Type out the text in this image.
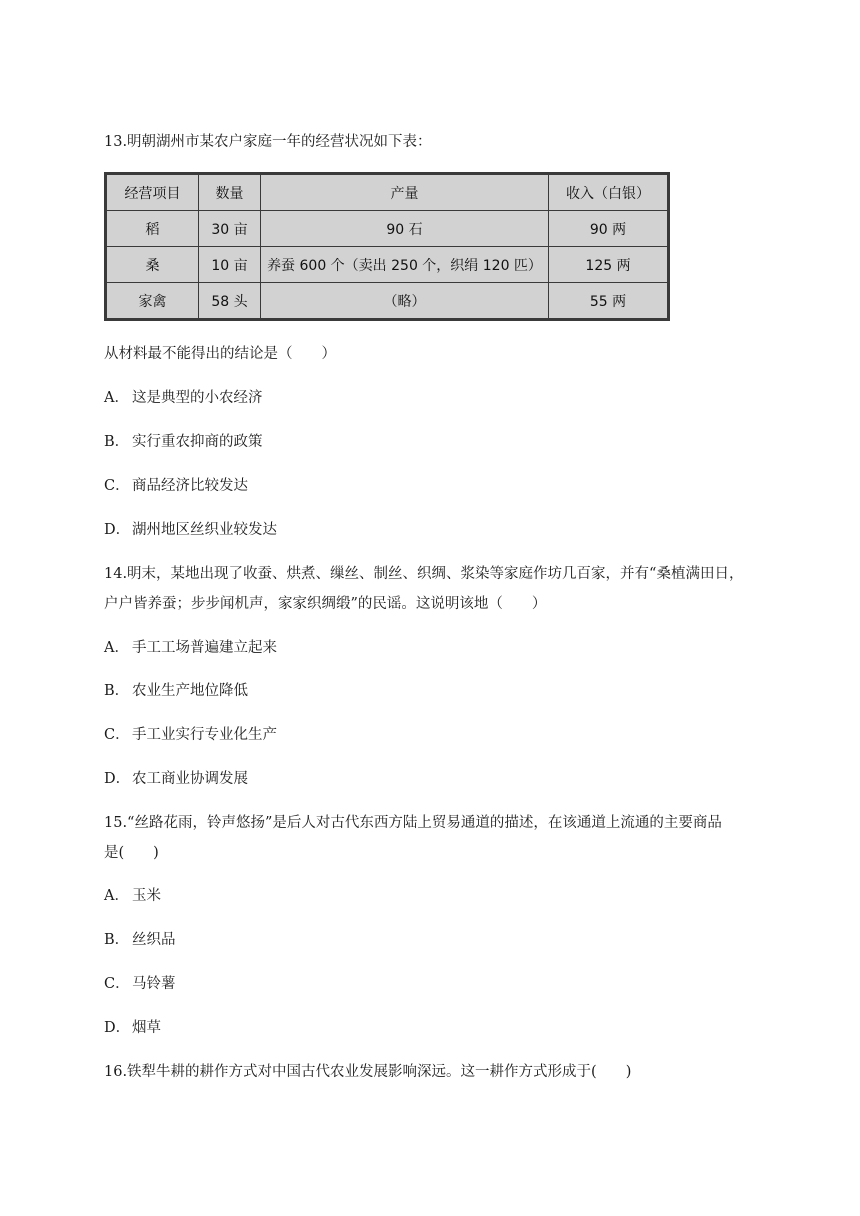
13.明朝湖州市某农户家庭一年的经营状况如下表：
经营项目	数量	产量	收入（白银）
稻	30 亩	90 石	90 两
桑	10 亩	养蚕 600 个（卖出 250 个，织绢 120 匹）	125 两
家禽	58 头	（略）	55 两
从材料最不能得出的结论是（　　）
A． 这是典型的小农经济
B． 实行重农抑商的政策
C． 商品经济比较发达
D． 湖州地区丝织业较发达
14.明末，某地出现了收蚕、烘煮、缫丝、制丝、织绸、浆染等家庭作坊几百家，并有“桑植满田日，
户户皆养蚕；步步闻机声，家家织绸缎”的民谣。这说明该地（　　）
A． 手工工场普遍建立起来
B． 农业生产地位降低
C． 手工业实行专业化生产
D． 农工商业协调发展
15.“丝路花雨，铃声悠扬”是后人对古代东西方陆上贸易通道的描述，在该通道上流通的主要商品
是(　　)
A． 玉米
B． 丝织品
C． 马铃薯
D． 烟草
16.铁犁牛耕的耕作方式对中国古代农业发展影响深远。这一耕作方式形成于(　　)
